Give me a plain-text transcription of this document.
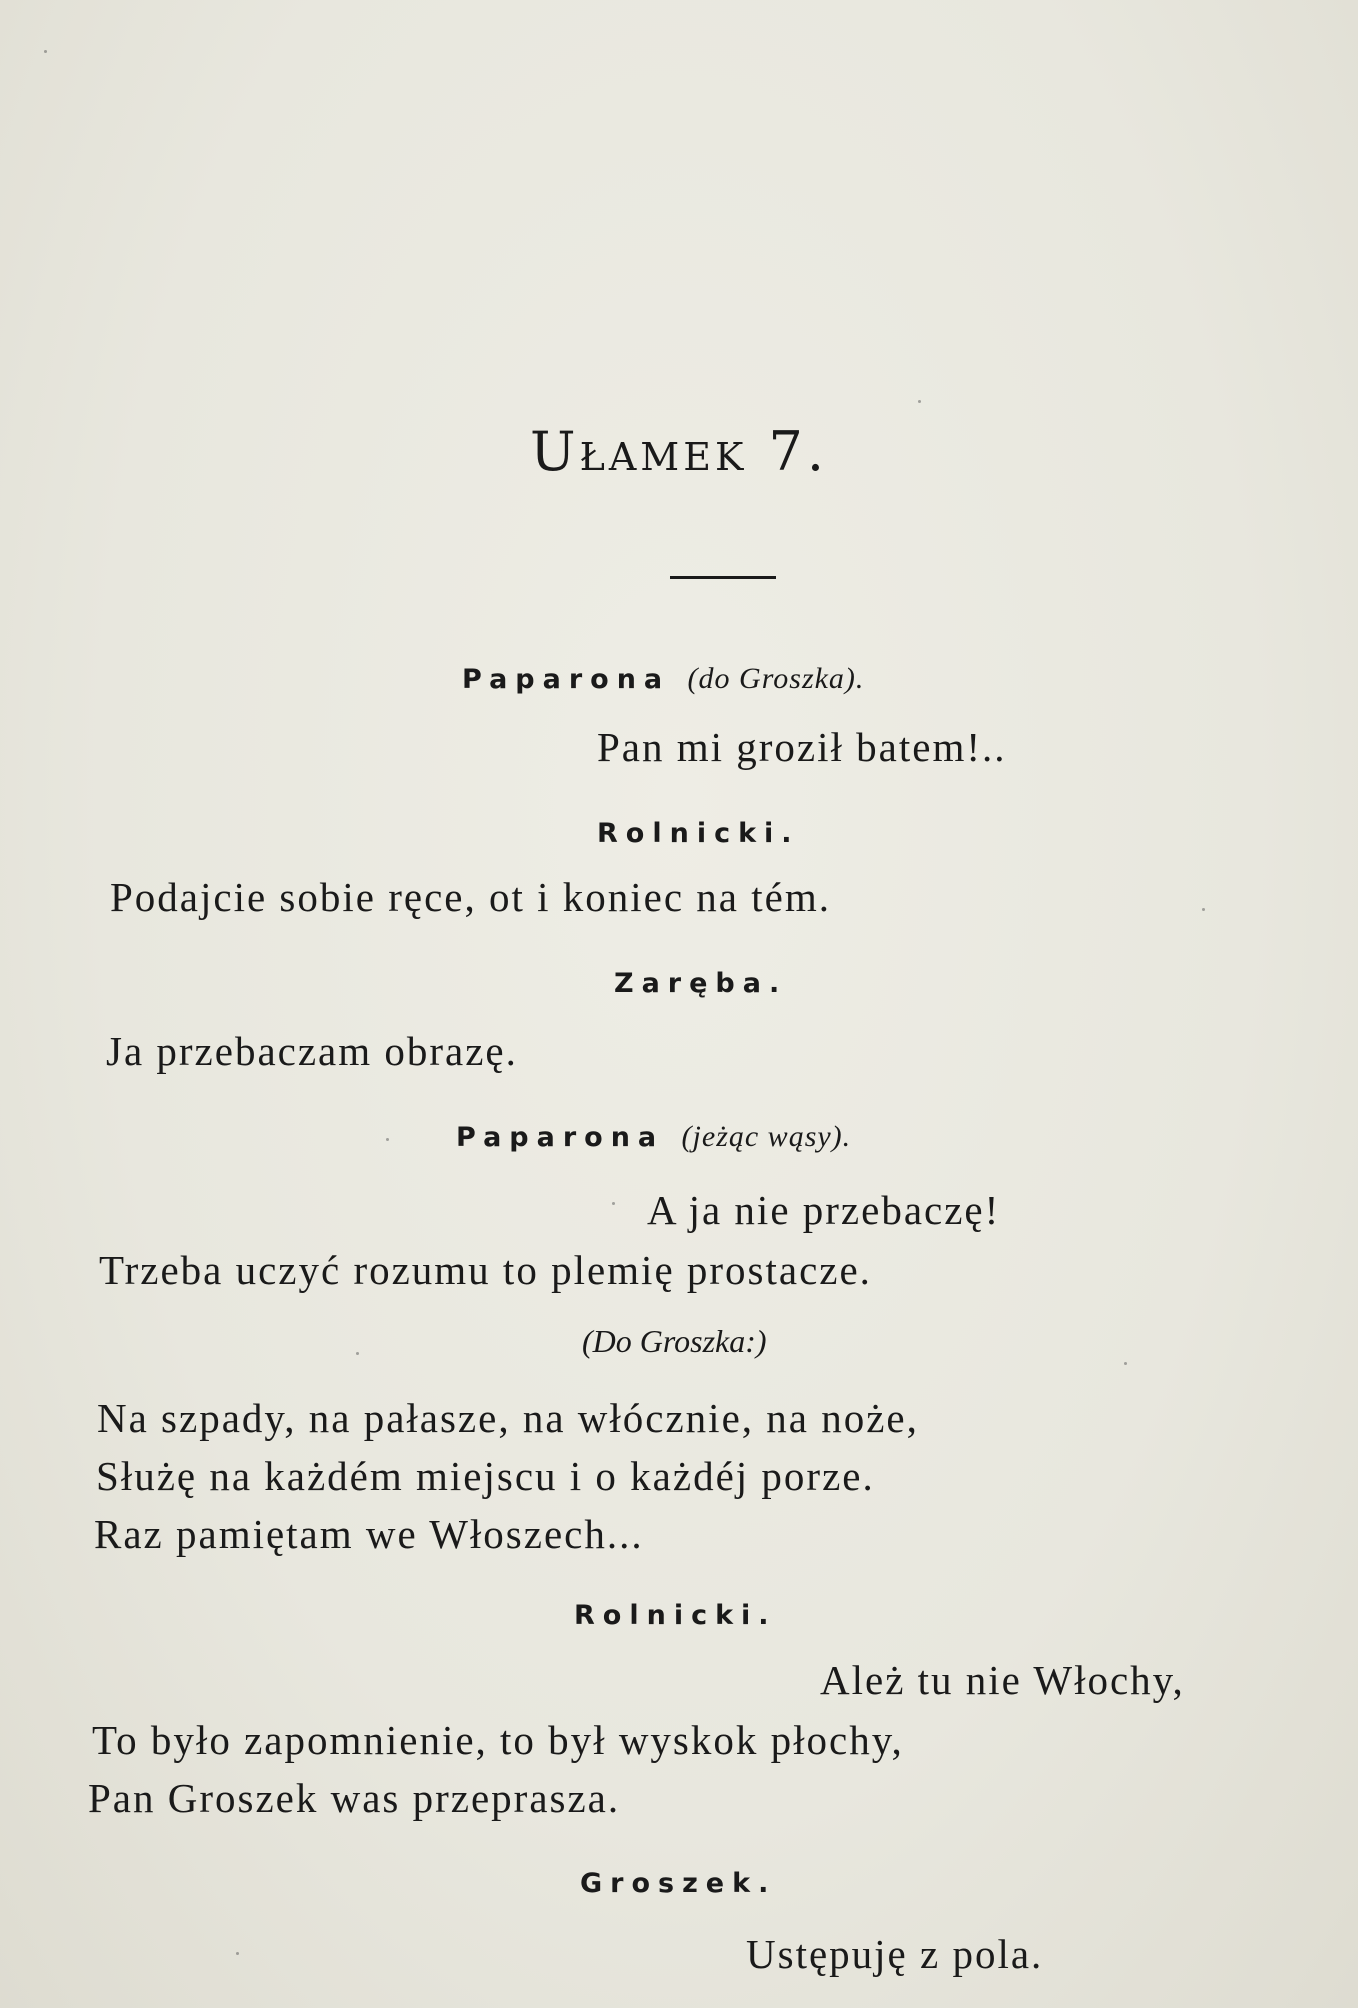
Ułamek 7.
Paparona (do Groszka).
Pan mi groził batem!..
Rolnicki.
Podajcie sobie ręce, ot i koniec na tém.
Zaręba.
Ja przebaczam obrazę.
Paparona (jeżąc wąsy).
A ja nie przebaczę!
Trzeba uczyć rozumu to plemię prostacze.
(Do Groszka:)
Na szpady, na pałasze, na włócznie, na noże,
Służę na każdém miejscu i o każdéj porze.
Raz pamiętam we Włoszech...
Rolnicki.
Ależ tu nie Włochy,
To było zapomnienie, to był wyskok płochy,
Pan Groszek was przeprasza.
Groszek.
Ustępuję z pola.
